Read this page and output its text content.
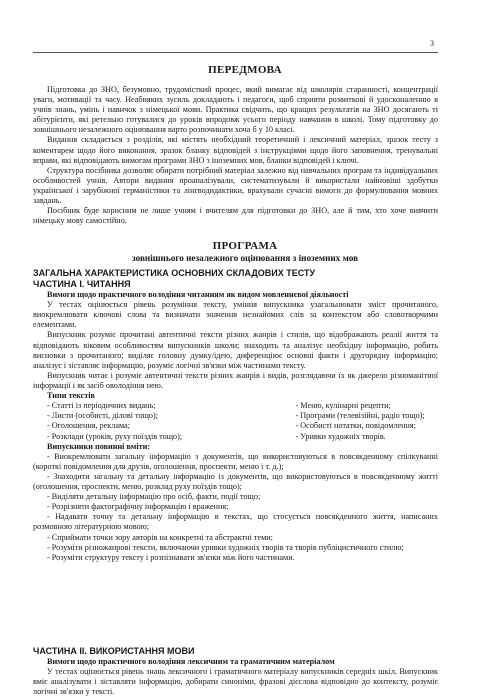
3
ПЕРЕДМОВА

Підготовка до ЗНО, безумовно, трудомісткий процес, який вимагає від школярів старанності, концентрації уваги, мотивації та часу. Неабияких зусиль докладають і педагоги, щоб сприяти розвиткові й удосконаленню в учнів знань, умінь і навичок з німецької мови. Практика свідчить, що кращих результатів на ЗНО досягають ті абітурієнти, які ретельно готувалися до уроків впродовж усього періоду навчання в школі. Тому підготовку до зовнішнього незалежного оцінювання варто розпочинати хоча б у 10 класі.

Видання складається з розділів, які містять необхідний теоретичний і лексичний матеріал, зразок тесту з коментарем щодо його виконання, зразок бланку відповідей з інструкціями щодо його заповнення, тренувальні вправи, які відповідають вимогам програми ЗНО з іноземних мов, бланки відповідей і ключі.

Структура посібника дозволяє обирати потрібний матеріал залежно від навчальних програм та індивідуальних особливостей учнів. Автори видання проаналізували, систематизували й використали найновіші здобутки української і зарубіжної германістики та лінгводидактики, врахували сучасні вимоги до формулювання мовних завдань.

Посібник буде корисним не лише учням і вчителям для підготовки до ЗНО, але й тим, хто хоче вивчити німецьку мову самостійно.

ПРОГРАМА
зовнішнього незалежного оцінювання з іноземних мов

ЗАГАЛЬНА ХАРАКТЕРИСТИКА ОСНОВНИХ СКЛАДОВИХ ТЕСТУ

ЧАСТИНА І. ЧИТАННЯ

Вимоги щодо практичного володіння читанням як видом мовленнєвої діяльності

У тестах оцінюється рівень розуміння тексту, уміння випускника узагальнювати зміст прочитаного, виокремлювати ключові слова та визначати значення незнайомих слів за контекстом або словотворчими елементами.

Випускник розуміє прочитані автентичні тексти різних жанрів і стилів, що відображають реалії життя та відповідають віковим особливостям випускників школи; знаходить та аналізує необхідну інформацію, робить висновки з прочитаного; виділяє головну думку/ідею, диференціює основні факти і другорядну інформацію; аналізує і зіставляє інформацію, розуміє логічні зв'язки між частинами тексту.

Випускник читає і розуміє автентичні тексти різних жанрів і видів, розглядаючи їх як джерело різноманітної інформації і як засіб оволодіння нею.

Типи текстів

- Статті із періодичних видань;

- Листи (особисті, ділові тощо);

- Оголошення, рекламa;

- Розклади (уроків, руху поїздів тощо);

- Меню, кулінарні рецепти;

- Програми (телевізійні, радіо тощо);

- Особисті нотатки, повідомлення;

- Уривки художніх творів.

Випускники повинні вміти:

- Виокремлювати загальну інформацію з документів, що використовуються в повсякденному спілкуванні (короткі повідомлення для друзів, оголошення, проспекти, меню і т. д.);

- Знаходити загальну та детальну інформацію із документів, що використовуються в повсякденному житті (оголошення, проспекти, меню, розклад руху поїздів тощо);

- Виділяти детальну інформацію про осіб, факти, події тощо;

- Розрізняти фактографічну інформацію і враження;

- Надавати точну та детальну інформацію в текстах, що стосується повсякденного життя, написаних розмовною літературною мовою;

- Сприймати точки зору авторів на конкретні та абстрактні теми;

- Розуміти різножанрові тексти, включаючи уривки художніх творів та творів публіцистичного стилю;

- Розуміти структуру тексту і розпізнавати зв'язки між його частинами.

ЧАСТИНА ІІ. ВИКОРИСТАННЯ МОВИ

Вимоги щодо практичного володіння лексичним та граматичним матеріалом

У тестах оцінюється рівень знань лексичного і граматичного матеріалу випускників середніх шкіл. Випускник вміє аналізувати і зіставляти інформацію, добирати синоніми, фразові дієслова відповідно до контексту, розуміє логічні зв'язки у тексті.
